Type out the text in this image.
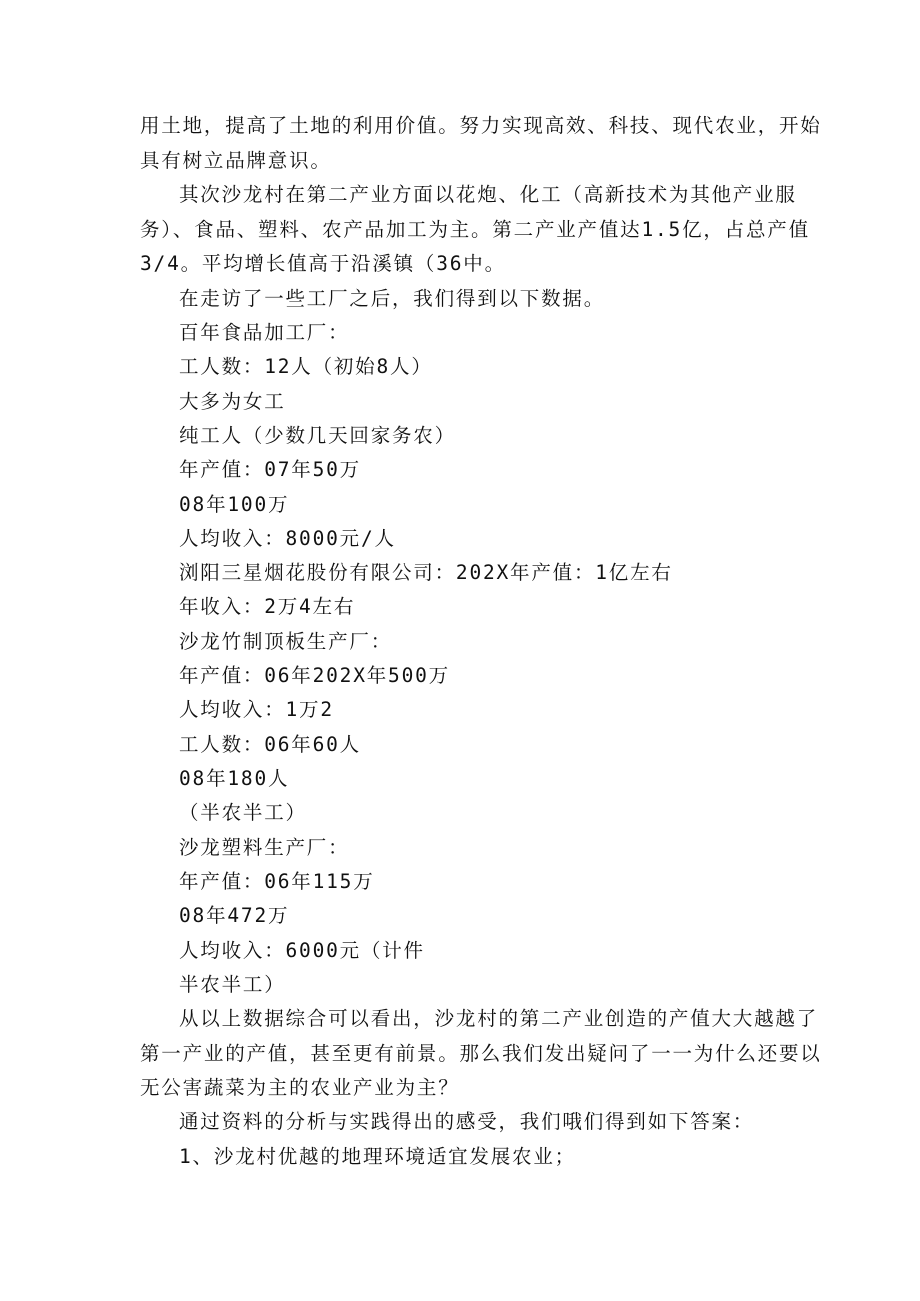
用土地，提高了土地的利用价值。努力实现高效、科技、现代农业，开始

具有树立品牌意识。

其次沙龙村在第二产业方面以花炮、化工（高新技术为其他产业服

务）、食品、塑料、农产品加工为主。第二产业产值达1.5亿，占总产值

3/4。平均增长值高于沿溪镇（36中。

在走访了一些工厂之后，我们得到以下数据。

百年食品加工厂：

工人数：12人（初始8人）

大多为女工

纯工人（少数几天回家务农）

年产值：07年50万

08年100万

人均收入：8000元/人

浏阳三星烟花股份有限公司：202X年产值：1亿左右

年收入：2万4左右

沙龙竹制顶板生产厂：

年产值：06年202X年500万

人均收入：1万2

工人数：06年60人

08年180人

（半农半工）

沙龙塑料生产厂：

年产值：06年115万

08年472万

人均收入：6000元（计件

半农半工）

从以上数据综合可以看出，沙龙村的第二产业创造的产值大大越越了

第一产业的产值，甚至更有前景。那么我们发出疑问了一一为什么还要以

无公害蔬菜为主的农业产业为主？

通过资料的分析与实践得出的感受，我们哦们得到如下答案：

1、沙龙村优越的地理环境适宜发展农业；
